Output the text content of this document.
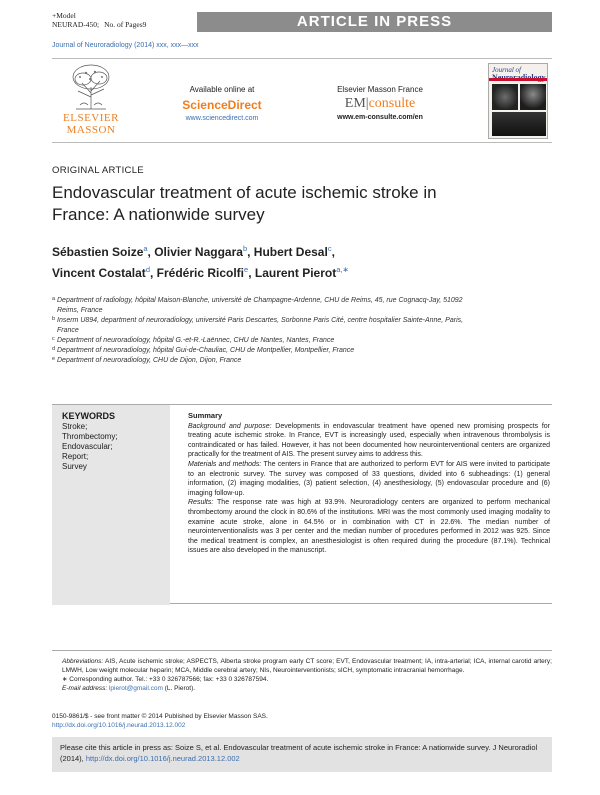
+Model
NEURAD-450; No. of Pages9	ARTICLE IN PRESS
Journal of Neuroradiology (2014) xxx, xxx—xxx
ELSEVIER
MASSON
Available online at
ScienceDirect
www.sciencedirect.com
Elsevier Masson France
EM|consulte
www.em-consulte.com/en
Journal of

ORIGINAL ARTICLE
Endovascular treatment of acute ischemic stroke in France: A nationwide survey
Sébastien Soize$^a$, Olivier Naggara$^b$, Hubert Desal$^c$,
Vincent Costalat$^d$, Frédéric Ricolfi$^e$, Laurent Pierot$^{a,∗}$
a Department of radiology, hôpital Maison-Blanche, université de Champagne-Ardenne, CHU de Reims, 45, rue Cognacq-Jay, 51092 Reims, France
b Inserm U894, department of neuroradiology, université Paris Descartes, Sorbonne Paris Cité, centre hospitalier Sainte-Anne, Paris, France
c Department of neuroradiology, hôpital G.-et-R.-Laënnec, CHU de Nantes, Nantes, France
d Department of neuroradiology, hôpital Gui-de-Chauliac, CHU de Montpellier, Montpellier, France
e Department of neuroradiology, CHU de Dijon, Dijon, France
KEYWORDS
Stroke;
Thrombectomy;
Endovascular;
Report;
Survey
Summary
Background and purpose: Developments in endovascular treatment have opened new promising prospects for treating acute ischemic stroke. In France, EVT is increasingly used, especially when intravenous thrombolysis is contraindicated or has failed. However, it has not been documented how neurointerventional centers are organized practically for the treatment of AIS. The present survey aims to address this.
Materials and methods: The centers in France that are authorized to perform EVT for AIS were invited to participate to an electronic survey. The survey was composed of 33 questions, divided into 6 subheadings: (1) general information, (2) imaging modalities, (3) patient selection, (4) anesthesiology, (5) endovascular procedure and (6) imaging follow-up.
Results: The response rate was high at 93.9%. Neuroradiology centers are organized to perform mechanical thrombectomy around the clock in 80.6% of the institutions. MRI was the most commonly used imaging modality to examine acute stroke, alone in 64.5% or in combination with CT in 22.6%. The median number of neurointerventionalists was 3 per center and the median number of procedures performed in 2012 was 925. Since the medical treatment is complex, an anesthesiologist is often required during the procedure (87.1%). Technical issues are also developed in the manuscript.
Abbreviations: AIS, Acute ischemic stroke; ASPECTS, Alberta stroke program early CT score; EVT, Endovascular treatment; IA, intra-arterial; ICA, internal carotid artery; LMWH, Low weight molecular heparin; MCA, Middle cerebral artery; NIs, Neurointerventionists; sICH, symptomatic intracranial hemorrhage.
∗ Corresponding author. Tel.: +33 0 326787566; fax: +33 0 326787594.
E-mail address: lpierot@gmail.com (L. Pierot).
0150-9861/$ - see front matter © 2014 Published by Elsevier Masson SAS.
http://dx.doi.org/10.1016/j.neurad.2013.12.002
Please cite this article in press as: Soize S, et al. Endovascular treatment of acute ischemic stroke in France: A nationwide survey. J Neuroradiol (2014), http://dx.doi.org/10.1016/j.neurad.2013.12.002
